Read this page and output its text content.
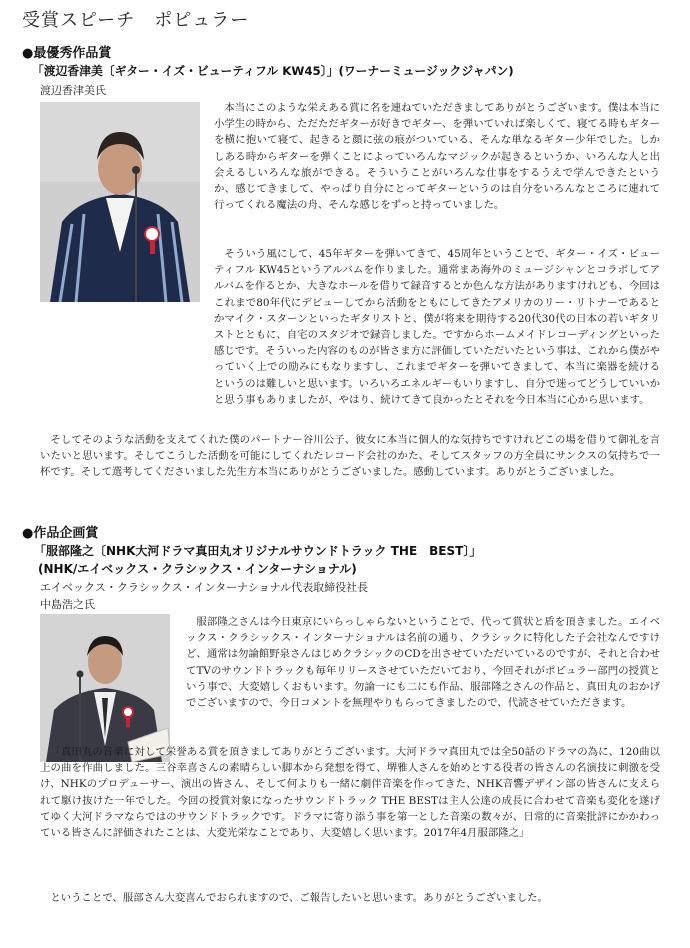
受賞スピーチ　ポピュラー
●最優秀作品賞
「渡辺香津美〔ギター・イズ・ビューティフル KW45〕」(ワーナーミュージックジャパン)
渡辺香津美氏

本当にこのような栄えある賞に名を連ねていただきましてありがとうございます。僕は本当に小学生の時から、ただただギターが好きでギター、を弾いていれば楽しくて、寝てる時もギターを横に抱いて寝て、起きると顔に弦の痕がついている、そんな単なるギター少年でした。しかしある時からギターを弾くことによっていろんなマジックが起きるというか、いろんな人と出会えるしいろんな旅ができる。そういうことがいろんな仕事をするうえで学んできたというか、感じてきまして、やっぱり自分にとってギターというのは自分をいろんなところに連れて行ってくれる魔法の舟、そんな感じをずっと持っていました。

そういう風にして、45年ギターを弾いてきて、45周年ということで、ギター・イズ・ビューティフル KW45というアルバムを作りました。通常まあ海外のミュージシャンとコラボしてアルバムを作るとか、大きなホールを借りて録音するとか色んな方法がありますけれども、今回はこれまで80年代にデビューしてから活動をともにしてきたアメリカのリー・リトナーであるとかマイク・スターンといったギタリストと、僕が将来を期待する20代30代の日本の若いギタリストとともに、自宅のスタジオで録音しました。ですからホームメイドレコーディングといった感じです。そういった内容のものが皆さま方に評価していただいたという事は、これから僕がやっていく上での励みにもなりますし、これまでギターを弾いてきまして、本当に楽器を続けるというのは難しいと思います。いろいろエネルギーもいりますし、自分で迷ってどうしていいかと思う事もありましたが、やはり、続けてきて良かったとそれを今日本当に心から思います。

そしてそのような活動を支えてくれた僕のパートナー谷川公子、彼女に本当に個人的な気持ちですけれどこの場を借りて御礼を言いたいと思います。そしてこうした活動を可能にしてくれたレコード会社のかた、そしてスタッフの方全員にサンクスの気持ちで一杯です。そして選考してくださいました先生方本当にありがとうございました。感動しています。ありがとうございました。

●作品企画賞
「服部隆之〔NHK大河ドラマ真田丸オリジナルサウンドトラック THE　BEST〕」
(NHK/エイベックス・クラシックス・インターナショナル)
エイベックス・クラシックス・インターナショナル代表取締役社長
中島浩之氏

服部隆之さんは今日東京にいらっしゃらないということで、代って賞状と盾を頂きました。エイベックス・クラシックス・インターナショナルは名前の通り、クラシックに特化した子会社なんですけど、通常は勿論館野泉さんはじめクラシックのCDを出させていただいているのですが、それと合わせてTVのサウンドトラックも毎年リリースさせていただいており、今回それがポピュラー部門の授賞という事で、大変嬉しくおもいます。勿論一にも二にも作品、服部隆之さんの作品と、真田丸のおかげでございますので、今日コメントを無理やりもらってきましたので、代読させていただきます。

「真田丸の音楽に対して栄誉ある賞を頂きましてありがとうございます。大河ドラマ真田丸では全50話のドラマの為に、120曲以上の曲を作曲しました。三谷幸喜さんの素晴らしい脚本から発想を得て、堺雅人さんを始めとする役者の皆さんの名演技に刺激を受け、NHKのプロデューサー、演出の皆さん、そして何よりも一緒に劇伴音楽を作ってきた、NHK音響デザイン部の皆さんに支えられて駆け抜けた一年でした。今回の授賞対象になったサウンドトラック THE BESTは主人公達の成長に合わせて音楽も変化を遂げてゆく大河ドラマならではのサウンドトラックです。ドラマに寄り添う事を第一とした音楽の数々が、日常的に音楽批評にかかわっている皆さんに評価されたことは、大変光栄なことであり、大変嬉しく思います。2017年4月服部隆之」

ということで、服部さん大変喜んでおられますので、ご報告したいと思います。ありがとうございました。
